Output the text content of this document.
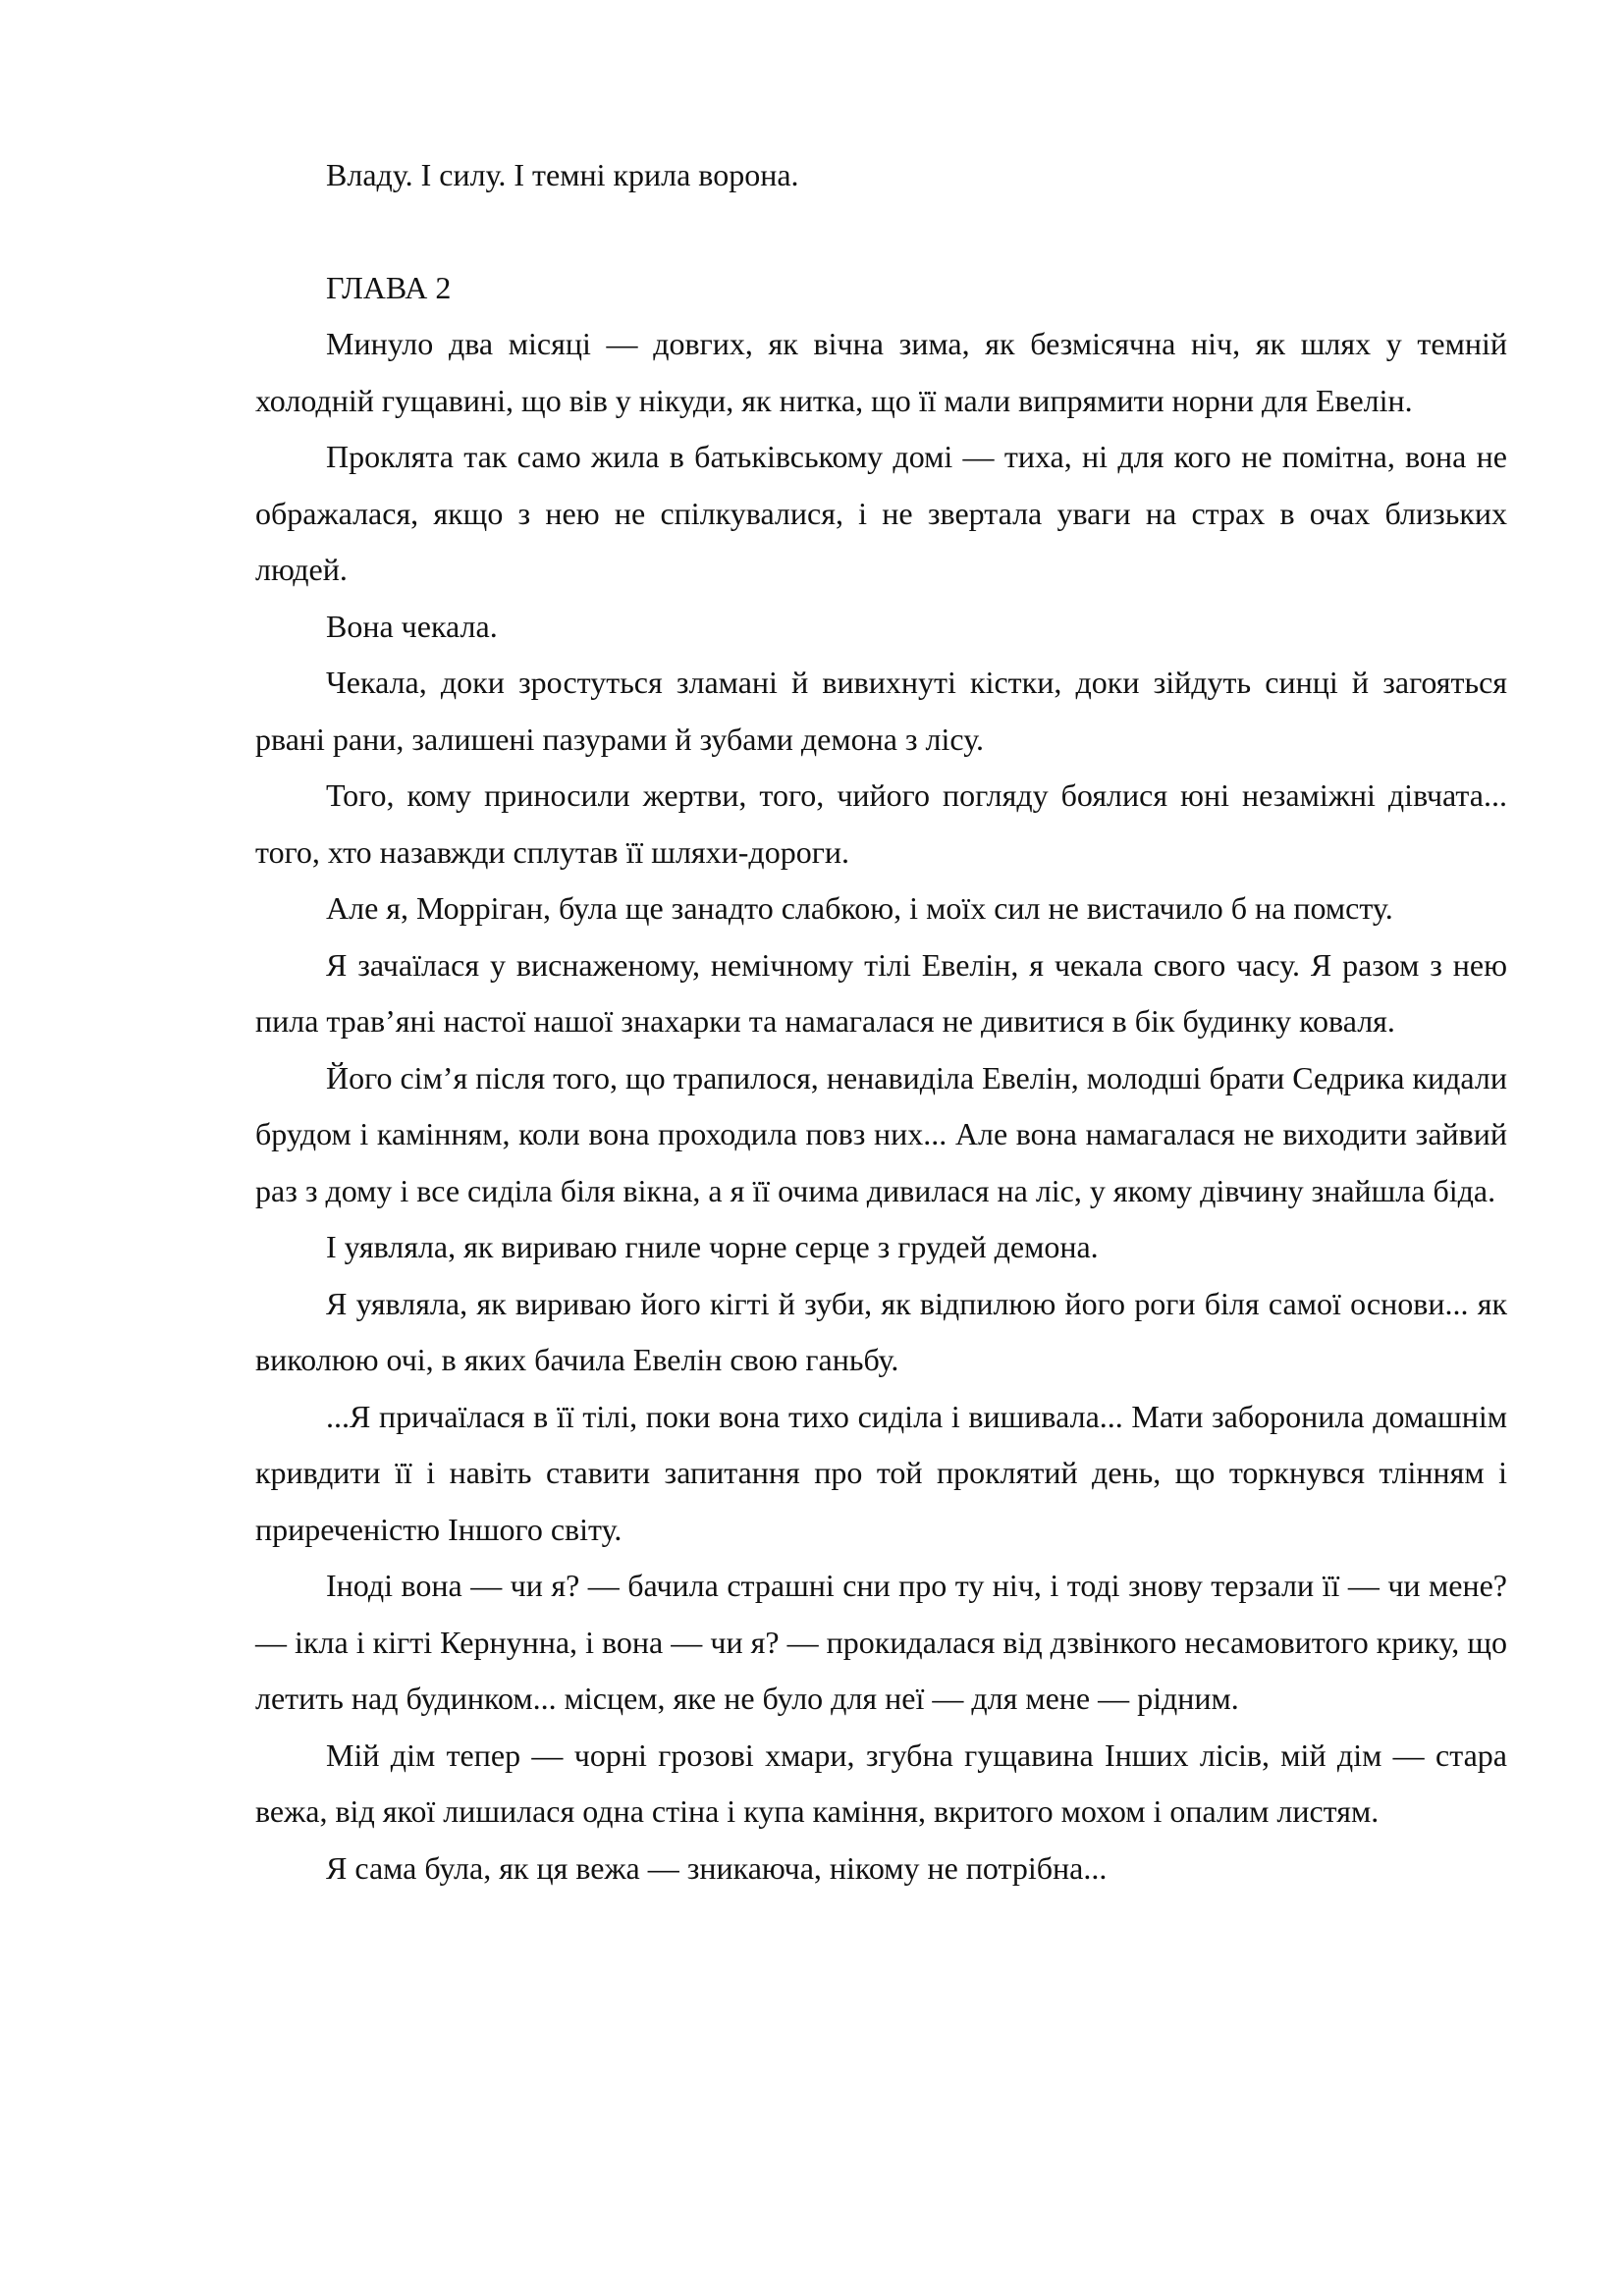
Владу. І силу. І темні крила ворона.

ГЛАВА 2

Минуло два місяці — довгих, як вічна зима, як безмісячна ніч, як шлях у темній холодній гущавині, що вів у нікуди, як нитка, що її мали випрямити норни для Евелін.

Проклята так само жила в батьківському домі — тиха, ні для кого не помітна, вона не ображалася, якщо з нею не спілкувалися, і не звертала уваги на страх в очах близьких людей.

Вона чекала.

Чекала, доки зростуться зламані й вивихнуті кістки, доки зійдуть синці й загояться рвані рани, залишені пазурами й зубами демона з лісу.

Того, кому приносили жертви, того, чийого погляду боялися юні незаміжні дівчата... того, хто назавжди сплутав її шляхи-дороги.

Але я, Морріган, була ще занадто слабкою, і моїх сил не вистачило б на помсту.

Я зачаїлася у виснаженому, немічному тілі Евелін, я чекала свого часу. Я разом з нею пила трав’яні настої нашої знахарки та намагалася не дивитися в бік будинку коваля.

Його сім’я після того, що трапилося, ненавиділа Евелін, молодші брати Седрика кидали брудом і камінням, коли вона проходила повз них... Але вона намагалася не виходити зайвий раз з дому і все сиділа біля вікна, а я її очима дивилася на ліс, у якому дівчину знайшла біда.

І уявляла, як вириваю гниле чорне серце з грудей демона.

Я уявляла, як вириваю його кігті й зуби, як відпилюю його роги біля самої основи... як виколюю очі, в яких бачила Евелін свою ганьбу.

...Я причаїлася в її тілі, поки вона тихо сиділа і вишивала... Мати заборонила домашнім кривдити її і навіть ставити запитання про той проклятий день, що торкнувся тлінням і приреченістю Іншого світу.

Іноді вона — чи я? — бачила страшні сни про ту ніч, і тоді знову терзали її — чи мене? — ікла і кігті Кернунна, і вона — чи я? — прокидалася від дзвінкого несамовитого крику, що летить над будинком... місцем, яке не було для неї — для мене — рідним.

Мій дім тепер — чорні грозові хмари, згубна гущавина Інших лісів, мій дім — стара вежа, від якої лишилася одна стіна і купа каміння, вкритого мохом і опалим листям.

Я сама була, як ця вежа — зникаюча, нікому не потрібна...
